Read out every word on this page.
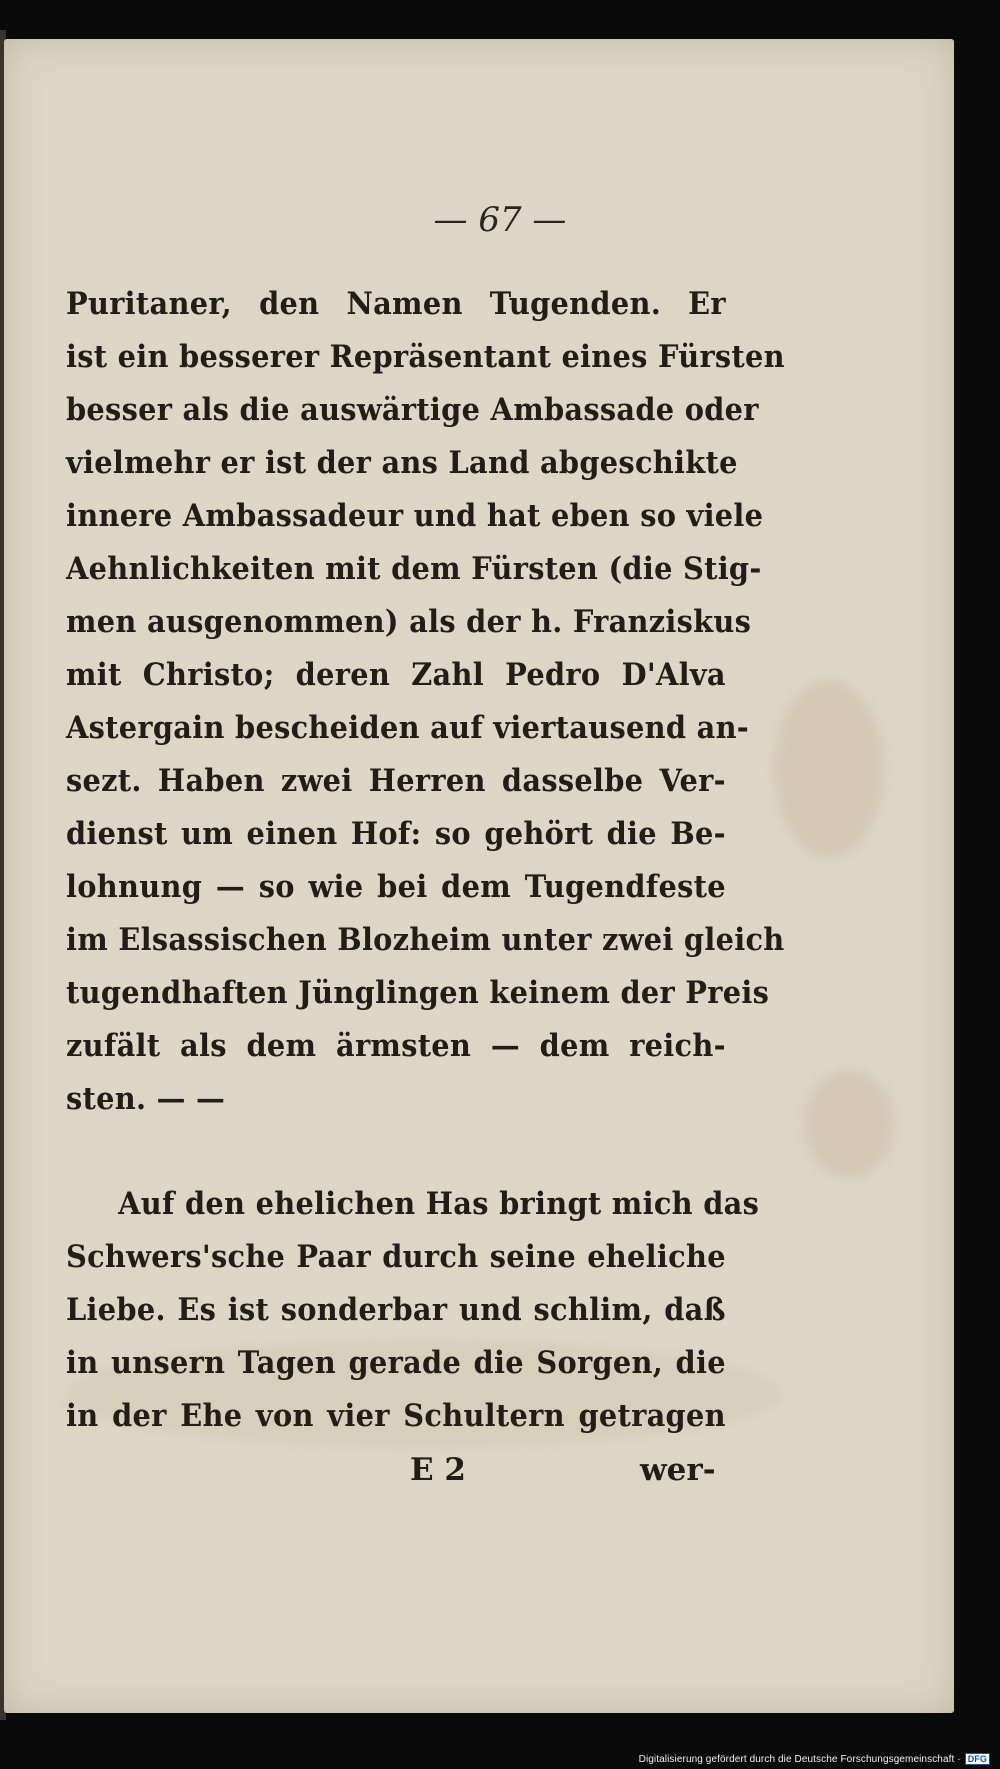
— 67 —
Puritaner, den Namen Tugenden. Er
ist ein besserer Repräsentant eines Fürsten
besser als die auswärtige Ambassade oder
vielmehr er ist der ans Land abgeschikte
innere Ambassadeur und hat eben so viele
Aehnlichkeiten mit dem Fürsten (die Stig-
men ausgenommen) als der h. Franziskus
mit Christo; deren Zahl Pedro D'Alva
Astergain bescheiden auf viertausend an-
sezt. Haben zwei Herren dasselbe Ver-
dienst um einen Hof: so gehört die Be-
lohnung — so wie bei dem Tugendfeste
im Elsassischen Blozheim unter zwei gleich
tugendhaften Jünglingen keinem der Preis
zufält als dem ärmsten — dem reich-
sten. — —
Auf den ehelichen Has bringt mich das
Schwers'sche Paar durch seine eheliche
Liebe. Es ist sonderbar und schlim, daß
in unsern Tagen gerade die Sorgen, die
in der Ehe von vier Schultern getragen
E 2	wer-
Digitalisierung gefördert durch die Deutsche Forschungsgemeinschaft · DFG
